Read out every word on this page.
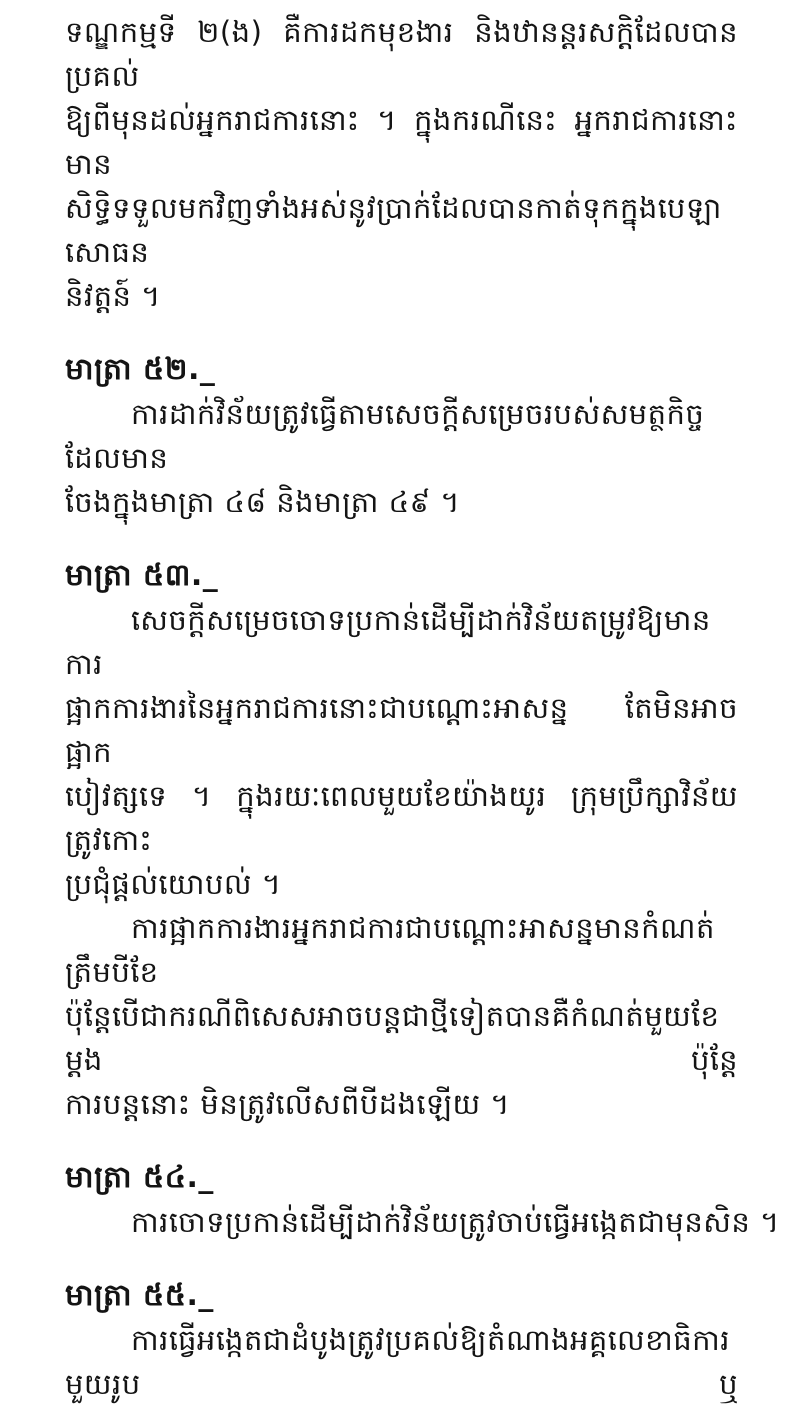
ទណ្ឌកម្មទី ២(ង) គឺការដកមុខងារ និងឋានន្តរសក្តិដែលបានប្រគល់
ឱ្យពីមុនដល់អ្នករាជការនោះ ។ ក្នុងករណីនេះ អ្នករាជការនោះមាន
សិទ្ធិទទួលមកវិញទាំងអស់នូវប្រាក់ដែលបានកាត់ទុកក្នុងបេឡាសោធន
និវត្តន៍ ។

មាត្រា ៥២._

ការដាក់វិន័យត្រូវធ្វើតាមសេចក្តីសម្រេចរបស់សមត្ថកិច្ចដែលមាន
ចែងក្នុងមាត្រា ៤៨ និងមាត្រា ៤៩ ។

មាត្រា ៥៣._

សេចក្តីសម្រេចចោទប្រកាន់ដើម្បីដាក់វិន័យតម្រូវឱ្យមានការ
ផ្អាកការងារនៃអ្នករាជការនោះជាបណ្តោះអាសន្ន តែមិនអាចផ្អាក
បៀវត្សទេ ។ ក្នុងរយៈពេលមួយខែយ៉ាងយូរ ក្រុមប្រឹក្សាវិន័យត្រូវកោះ
ប្រជុំផ្តល់យោបល់ ។

ការផ្អាកការងារអ្នករាជការជាបណ្តោះអាសន្នមានកំណត់ត្រឹមបីខែ
ប៉ុន្តែបើជាករណីពិសេសអាចបន្តជាថ្មីទៀតបានគឺកំណត់មួយខែម្តង ប៉ុន្តែ
ការបន្តនោះ មិនត្រូវលើសពីបីដងឡើយ ។

មាត្រា ៥៤._

ការចោទប្រកាន់ដើម្បីដាក់វិន័យត្រូវចាប់ធ្វើអង្កេតជាមុនសិន ។

មាត្រា ៥៥._

ការធ្វើអង្កេតជាដំបូងត្រូវប្រគល់ឱ្យតំណាងអគ្គលេខាធិការមួយរូប ឬ
